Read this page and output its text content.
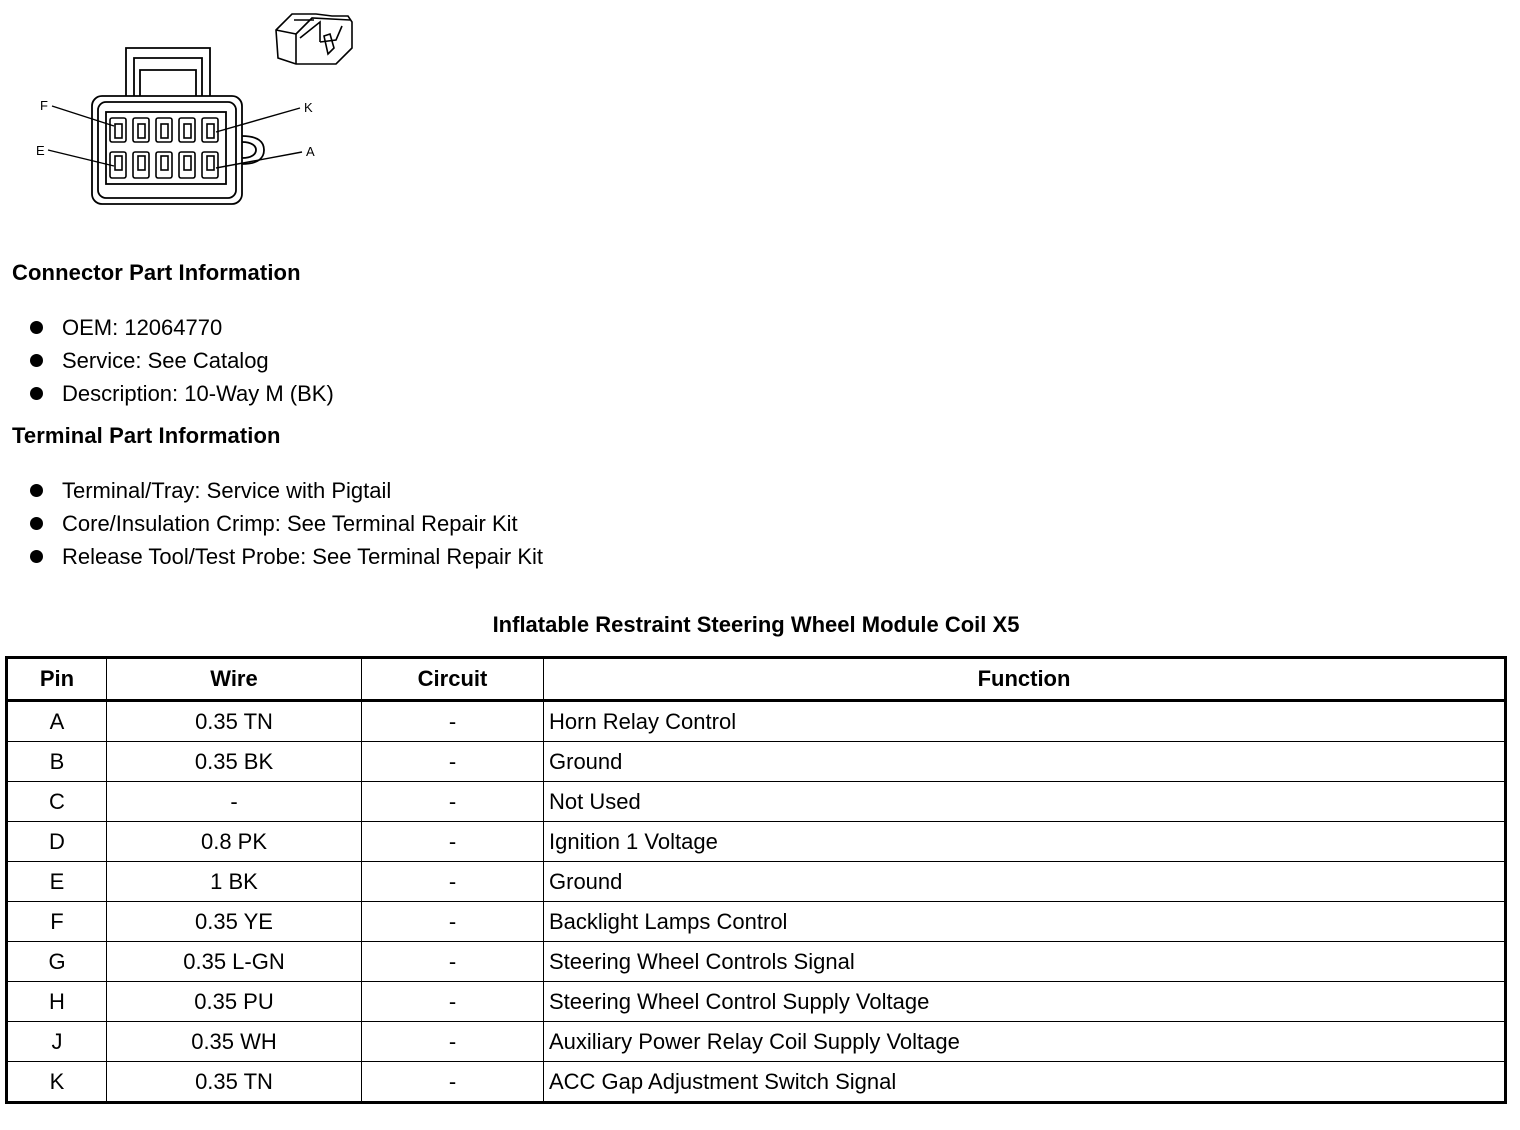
F
E
K
A
Connector Part Information
OEM: 12064770
Service: See Catalog
Description: 10-Way M (BK)
Terminal Part Information
Terminal/Tray: Service with Pigtail
Core/Insulation Crimp: See Terminal Repair Kit
Release Tool/Test Probe: See Terminal Repair Kit
Inflatable Restraint Steering Wheel Module Coil X5
Pin	Wire	Circuit	Function
A	0.35 TN	-	Horn Relay Control
B	0.35 BK	-	Ground
C	-	-	Not Used
D	0.8 PK	-	Ignition 1 Voltage
E	1 BK	-	Ground
F	0.35 YE	-	Backlight Lamps Control
G	0.35 L-GN	-	Steering Wheel Controls Signal
H	0.35 PU	-	Steering Wheel Control Supply Voltage
J	0.35 WH	-	Auxiliary Power Relay Coil Supply Voltage
K	0.35 TN	-	ACC Gap Adjustment Switch Signal
